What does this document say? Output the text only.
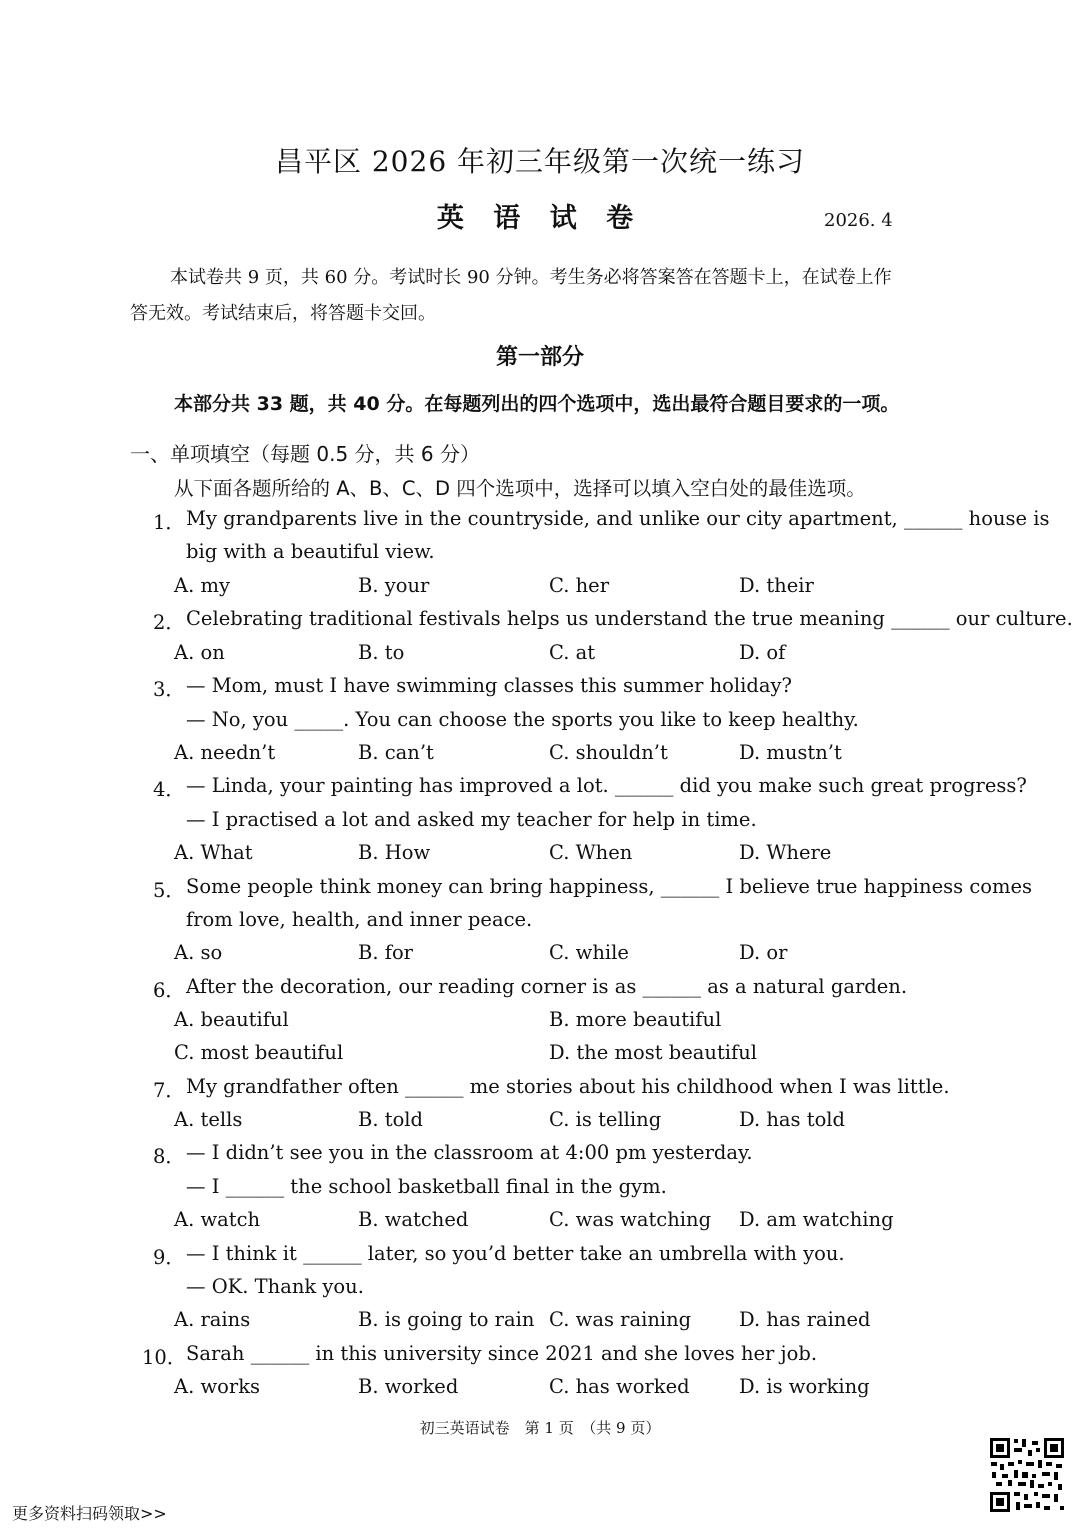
昌平区 2026 年初三年级第一次统一练习
英 语 试 卷	2026. 4
本试卷共 9 页，共 60 分。考试时长 90 分钟。考生务必将答案答在答题卡上，在试卷上作
答无效。考试结束后，将答题卡交回。
第一部分
本部分共 33 题，共 40 分。在每题列出的四个选项中，选出最符合题目要求的一项。
一、单项填空（每题 0.5 分，共 6 分）
从下面各题所给的 A、B、C、D 四个选项中，选择可以填入空白处的最佳选项。
1． My grandparents live in the countryside, and unlike our city apartment, ______ house is
big with a beautiful view.
A. my	B. your	C. her	D. their
2． Celebrating traditional festivals helps us understand the true meaning ______ our culture.
A. on	B. to	C. at	D. of
3． — Mom, must I have swimming classes this summer holiday?
— No, you _____. You can choose the sports you like to keep healthy.
A. needn’t	B. can’t	C. shouldn’t	D. mustn’t
4． — Linda, your painting has improved a lot. ______ did you make such great progress?
— I practised a lot and asked my teacher for help in time.
A. What	B. How	C. When	D. Where
5． Some people think money can bring happiness, ______ I believe true happiness comes
from love, health, and inner peace.
A. so	B. for	C. while	D. or
6． After the decoration, our reading corner is as ______ as a natural garden.
A. beautiful	B. more beautiful
C. most beautiful	D. the most beautiful
7． My grandfather often ______ me stories about his childhood when I was little.
A. tells	B. told	C. is telling	D. has told
8． — I didn’t see you in the classroom at 4:00 pm yesterday.
— I ______ the school basketball final in the gym.
A. watch	B. watched	C. was watching D. am watching
9． — I think it ______ later, so you’d better take an umbrella with you.
— OK. Thank you.
A. rains	B. is going to rain C. was raining D. has rained
10． Sarah ______ in this university since 2021 and she loves her job.
A. works	B. worked	C. has worked	D. is working
初三英语试卷　第 1 页　（共 9 页）
更多资料扫码领取>>
